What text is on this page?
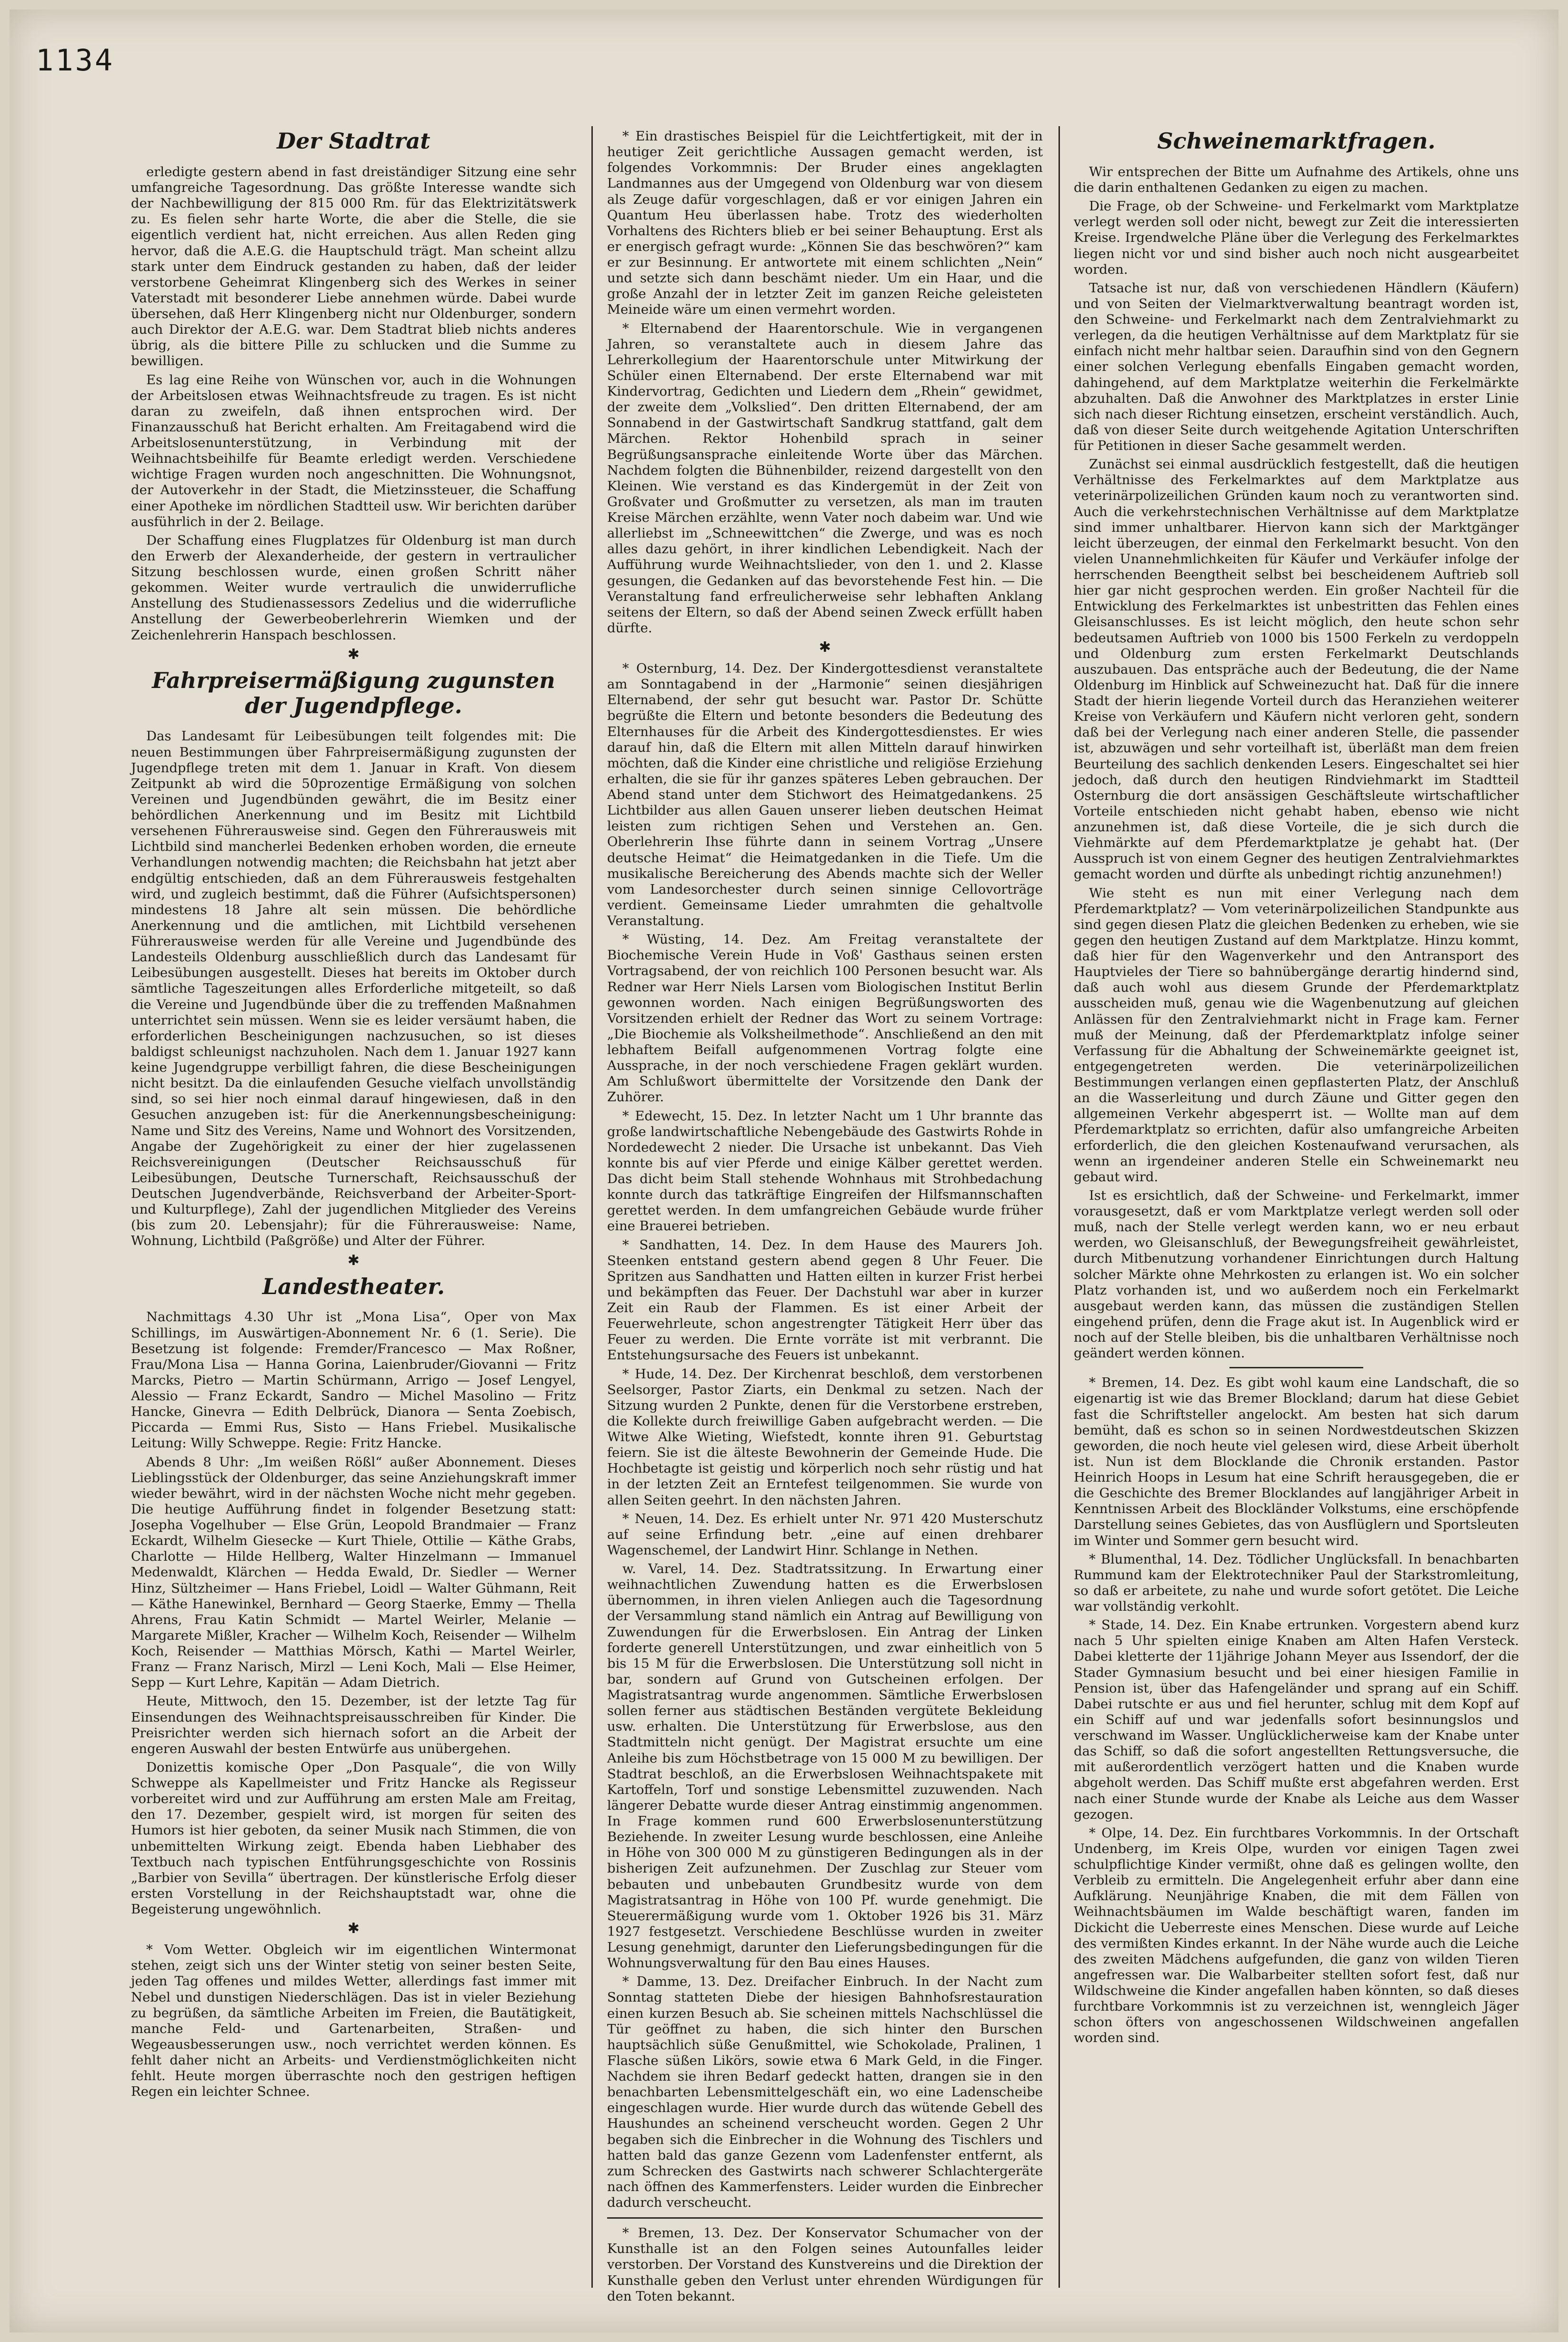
1134
Der Stadtrat

erledigte gestern abend in fast dreiständiger Sitzung eine sehr umfangreiche Tagesordnung. Das größte Interesse wandte sich der Nachbewilligung der 815 000 Rm. für das Elektrizitätswerk zu. Es fielen sehr harte Worte, die aber die Stelle, die sie eigentlich verdient hat, nicht erreichen. Aus allen Reden ging hervor, daß die A.E.G. die Hauptschuld trägt. Man scheint allzu stark unter dem Eindruck gestanden zu haben, daß der leider verstorbene Geheimrat Klingenberg sich des Werkes in seiner Vaterstadt mit besonderer Liebe annehmen würde. Dabei wurde übersehen, daß Herr Klingenberg nicht nur Oldenburger, sondern auch Direktor der A.E.G. war. Dem Stadtrat blieb nichts anderes übrig, als die bittere Pille zu schlucken und die Summe zu bewilligen.

Es lag eine Reihe von Wünschen vor, auch in die Wohnungen der Arbeitslosen etwas Weihnachtsfreude zu tragen. Es ist nicht daran zu zweifeln, daß ihnen entsprochen wird. Der Finanzausschuß hat Bericht erhalten. Am Freitagabend wird die Arbeitslosenunterstützung, in Verbindung mit der Weihnachtsbeihilfe für Beamte erledigt werden. Verschiedene wichtige Fragen wurden noch angeschnitten. Die Wohnungsnot, der Autoverkehr in der Stadt, die Mietzinssteuer, die Schaffung einer Apotheke im nördlichen Stadtteil usw. Wir berichten darüber ausführlich in der 2. Beilage.

Der Schaffung eines Flugplatzes für Oldenburg ist man durch den Erwerb der Alexanderheide, der gestern in vertraulicher Sitzung beschlossen wurde, einen großen Schritt näher gekommen. Weiter wurde vertraulich die unwiderrufliche Anstellung des Studienassessors Zedelius und die widerrufliche Anstellung der Gewerbeoberlehrerin Wiemken und der Zeichenlehrerin Hanspach beschlossen.

✱
Fahrpreisermäßigung zugunsten der Jugendpflege.

Das Landesamt für Leibesübungen teilt folgendes mit: Die neuen Bestimmungen über Fahrpreisermäßigung zugunsten der Jugendpflege treten mit dem 1. Januar in Kraft. Von diesem Zeitpunkt ab wird die 50prozentige Ermäßigung von solchen Vereinen und Jugendbünden gewährt, die im Besitz einer behördlichen Anerkennung und im Besitz mit Lichtbild versehenen Führerausweise sind. Gegen den Führerausweis mit Lichtbild sind mancherlei Bedenken erhoben worden, die erneute Verhandlungen notwendig machten; die Reichsbahn hat jetzt aber endgültig entschieden, daß an dem Führerausweis festgehalten wird, und zugleich bestimmt, daß die Führer (Aufsichtspersonen) mindestens 18 Jahre alt sein müssen. Die behördliche Anerkennung und die amtlichen, mit Lichtbild versehenen Führerausweise werden für alle Vereine und Jugendbünde des Landesteils Oldenburg ausschließlich durch das Landesamt für Leibesübungen ausgestellt. Dieses hat bereits im Oktober durch sämtliche Tageszeitungen alles Erforderliche mitgeteilt, so daß die Vereine und Jugendbünde über die zu treffenden Maßnahmen unterrichtet sein müssen. Wenn sie es leider versäumt haben, die erforderlichen Bescheinigungen nachzusuchen, so ist dieses baldigst schleunigst nachzuholen. Nach dem 1. Januar 1927 kann keine Jugendgruppe verbilligt fahren, die diese Bescheinigungen nicht besitzt. Da die einlaufenden Gesuche vielfach unvollständig sind, so sei hier noch einmal darauf hingewiesen, daß in den Gesuchen anzugeben ist: für die Anerkennungsbescheinigung: Name und Sitz des Vereins, Name und Wohnort des Vorsitzenden, Angabe der Zugehörigkeit zu einer der hier zugelassenen Reichsvereinigungen (Deutscher Reichsausschuß für Leibesübungen, Deutsche Turnerschaft, Reichsausschuß der Deutschen Jugendverbände, Reichsverband der Arbeiter-Sport- und Kulturpflege), Zahl der jugendlichen Mitglieder des Vereins (bis zum 20. Lebensjahr); für die Führerausweise: Name, Wohnung, Lichtbild (Paßgröße) und Alter der Führer.

✱
Landestheater.

Nachmittags 4.30 Uhr ist „Mona Lisa“, Oper von Max Schillings, im Auswärtigen-Abonnement Nr. 6 (1. Serie). Die Besetzung ist folgende: Fremder/Francesco — Max Roßner, Frau/Mona Lisa — Hanna Gorina, Laienbruder/Giovanni — Fritz Marcks, Pietro — Martin Schürmann, Arrigo — Josef Lengyel, Alessio — Franz Eckardt, Sandro — Michel Masolino — Fritz Hancke, Ginevra — Edith Delbrück, Dianora — Senta Zoebisch, Piccarda — Emmi Rus, Sisto — Hans Friebel. Musikalische Leitung: Willy Schweppe. Regie: Fritz Hancke.

Abends 8 Uhr: „Im weißen Rößl“ außer Abonnement. Dieses Lieblingsstück der Oldenburger, das seine Anziehungskraft immer wieder bewährt, wird in der nächsten Woche nicht mehr gegeben. Die heutige Aufführung findet in folgender Besetzung statt: Josepha Vogelhuber — Else Grün, Leopold Brandmaier — Franz Eckardt, Wilhelm Giesecke — Kurt Thiele, Ottilie — Käthe Grabs, Charlotte — Hilde Hellberg, Walter Hinzelmann — Immanuel Medenwaldt, Klärchen — Hedda Ewald, Dr. Siedler — Werner Hinz, Sültzheimer — Hans Friebel, Loidl — Walter Gühmann, Reit — Käthe Hanewinkel, Bernhard — Georg Staerke, Emmy — Thella Ahrens, Frau Katin Schmidt — Martel Weirler, Melanie — Margarete Mißler, Kracher — Wilhelm Koch, Reisender — Wilhelm Koch, Reisender — Matthias Mörsch, Kathi — Martel Weirler, Franz — Franz Narisch, Mirzl — Leni Koch, Mali — Else Heimer, Sepp — Kurt Lehre, Kapitän — Adam Dietrich.

Heute, Mittwoch, den 15. Dezember, ist der letzte Tag für Einsendungen des Weihnachtspreisausschreiben für Kinder. Die Preisrichter werden sich hiernach sofort an die Arbeit der engeren Auswahl der besten Entwürfe aus unübergehen.

Donizettis komische Oper „Don Pasquale“, die von Willy Schweppe als Kapellmeister und Fritz Hancke als Regisseur vorbereitet wird und zur Aufführung am ersten Male am Freitag, den 17. Dezember, gespielt wird, ist morgen für seiten des Humors ist hier geboten, da seiner Musik nach Stimmen, die von unbemittelten Wirkung zeigt. Ebenda haben Liebhaber des Textbuch nach typischen Entführungsgeschichte von Rossinis „Barbier von Sevilla“ übertragen. Der künstlerische Erfolg dieser ersten Vorstellung in der Reichshauptstadt war, ohne die Begeisterung ungewöhnlich.

✱

* Vom Wetter. Obgleich wir im eigentlichen Wintermonat stehen, zeigt sich uns der Winter stetig von seiner besten Seite, jeden Tag offenes und mildes Wetter, allerdings fast immer mit Nebel und dunstigen Niederschlägen. Das ist in vieler Beziehung zu begrüßen, da sämtliche Arbeiten im Freien, die Bautätigkeit, manche Feld- und Gartenarbeiten, Straßen- und Wegeausbesserungen usw., noch verrichtet werden können. Es fehlt daher nicht an Arbeits- und Verdienstmöglichkeiten nicht fehlt. Heute morgen überraschte noch den gestrigen heftigen Regen ein leichter Schnee.

* Ein drastisches Beispiel für die Leichtfertigkeit, mit der in heutiger Zeit gerichtliche Aussagen gemacht werden, ist folgendes Vorkommnis: Der Bruder eines angeklagten Landmannes aus der Umgegend von Oldenburg war von diesem als Zeuge dafür vorgeschlagen, daß er vor einigen Jahren ein Quantum Heu überlassen habe. Trotz des wiederholten Vorhaltens des Richters blieb er bei seiner Behauptung. Erst als er energisch gefragt wurde: „Können Sie das beschwören?“ kam er zur Besinnung. Er antwortete mit einem schlichten „Nein“ und setzte sich dann beschämt nieder. Um ein Haar, und die große Anzahl der in letzter Zeit im ganzen Reiche geleisteten Meineide wäre um einen vermehrt worden.

* Elternabend der Haarentorschule. Wie in vergangenen Jahren, so veranstaltete auch in diesem Jahre das Lehrerkollegium der Haarentorschule unter Mitwirkung der Schüler einen Elternabend. Der erste Elternabend war mit Kindervortrag, Gedichten und Liedern dem „Rhein“ gewidmet, der zweite dem „Volkslied“. Den dritten Elternabend, der am Sonnabend in der Gastwirtschaft Sandkrug stattfand, galt dem Märchen. Rektor Hohenbild sprach in seiner Begrüßungsansprache einleitende Worte über das Märchen. Nachdem folgten die Bühnenbilder, reizend dargestellt von den Kleinen. Wie verstand es das Kindergemüt in der Zeit von Großvater und Großmutter zu versetzen, als man im trauten Kreise Märchen erzählte, wenn Vater noch dabeim war. Und wie allerliebst im „Schneewittchen“ die Zwerge, und was es noch alles dazu gehört, in ihrer kindlichen Lebendigkeit. Nach der Aufführung wurde Weihnachtslieder, von den 1. und 2. Klasse gesungen, die Gedanken auf das bevorstehende Fest hin. — Die Veranstaltung fand erfreulicherweise sehr lebhaften Anklang seitens der Eltern, so daß der Abend seinen Zweck erfüllt haben dürfte.

✱

* Osternburg, 14. Dez. Der Kindergottesdienst veranstaltete am Sonntagabend in der „Harmonie“ seinen diesjährigen Elternabend, der sehr gut besucht war. Pastor Dr. Schütte begrüßte die Eltern und betonte besonders die Bedeutung des Elternhauses für die Arbeit des Kindergottesdienstes. Er wies darauf hin, daß die Eltern mit allen Mitteln darauf hinwirken möchten, daß die Kinder eine christliche und religiöse Erziehung erhalten, die sie für ihr ganzes späteres Leben gebrauchen. Der Abend stand unter dem Stichwort des Heimatgedankens. 25 Lichtbilder aus allen Gauen unserer lieben deutschen Heimat leisten zum richtigen Sehen und Verstehen an. Gen. Oberlehrerin Ihse führte dann in seinem Vortrag „Unsere deutsche Heimat“ die Heimatgedanken in die Tiefe. Um die musikalische Bereicherung des Abends machte sich der Weller vom Landesorchester durch seinen sinnige Cellovorträge verdient. Gemeinsame Lieder umrahmten die gehaltvolle Veranstaltung.

* Wüsting, 14. Dez. Am Freitag veranstaltete der Biochemische Verein Hude in Voß' Gasthaus seinen ersten Vortragsabend, der von reichlich 100 Personen besucht war. Als Redner war Herr Niels Larsen vom Biologischen Institut Berlin gewonnen worden. Nach einigen Begrüßungsworten des Vorsitzenden erhielt der Redner das Wort zu seinem Vortrage: „Die Biochemie als Volksheilmethode“. Anschließend an den mit lebhaftem Beifall aufgenommenen Vortrag folgte eine Aussprache, in der noch verschiedene Fragen geklärt wurden. Am Schlußwort übermittelte der Vorsitzende den Dank der Zuhörer.

* Edewecht, 15. Dez. In letzter Nacht um 1 Uhr brannte das große landwirtschaftliche Nebengebäude des Gastwirts Rohde in Nordedewecht 2 nieder. Die Ursache ist unbekannt. Das Vieh konnte bis auf vier Pferde und einige Kälber gerettet werden. Das dicht beim Stall stehende Wohnhaus mit Strohbedachung konnte durch das tatkräftige Eingreifen der Hilfsmannschaften gerettet werden. In dem umfangreichen Gebäude wurde früher eine Brauerei betrieben.

* Sandhatten, 14. Dez. In dem Hause des Maurers Joh. Steenken entstand gestern abend gegen 8 Uhr Feuer. Die Spritzen aus Sandhatten und Hatten eilten in kurzer Frist herbei und bekämpften das Feuer. Der Dachstuhl war aber in kurzer Zeit ein Raub der Flammen. Es ist einer Arbeit der Feuerwehrleute, schon angestrengter Tätigkeit Herr über das Feuer zu werden. Die Ernte vorräte ist mit verbrannt. Die Entstehungsursache des Feuers ist unbekannt.

* Hude, 14. Dez. Der Kirchenrat beschloß, dem verstorbenen Seelsorger, Pastor Ziarts, ein Denkmal zu setzen. Nach der Sitzung wurden 2 Punkte, denen für die Verstorbene erstreben, die Kollekte durch freiwillige Gaben aufgebracht werden. — Die Witwe Alke Wieting, Wiefstedt, konnte ihren 91. Geburtstag feiern. Sie ist die älteste Bewohnerin der Gemeinde Hude. Die Hochbetagte ist geistig und körperlich noch sehr rüstig und hat in der letzten Zeit an Erntefest teilgenommen. Sie wurde von allen Seiten geehrt. In den nächsten Jahren.

* Neuen, 14. Dez. Es erhielt unter Nr. 971 420 Musterschutz auf seine Erfindung betr. „eine auf einen drehbarer Wagenschemel, der Landwirt Hinr. Schlange in Nethen.

w. Varel, 14. Dez. Stadtratssitzung. In Erwartung einer weihnachtlichen Zuwendung hatten es die Erwerbslosen übernommen, in ihren vielen Anliegen auch die Tagesordnung der Versammlung stand nämlich ein Antrag auf Bewilligung von Zuwendungen für die Erwerbslosen. Ein Antrag der Linken forderte generell Unterstützungen, und zwar einheitlich von 5 bis 15 M für die Erwerbslosen. Die Unterstützung soll nicht in bar, sondern auf Grund von Gutscheinen erfolgen. Der Magistratsantrag wurde angenommen. Sämtliche Erwerbslosen sollen ferner aus städtischen Beständen vergütete Bekleidung usw. erhalten. Die Unterstützung für Erwerbslose, aus den Stadtmitteln nicht genügt. Der Magistrat ersuchte um eine Anleihe bis zum Höchstbetrage von 15 000 M zu bewilligen. Der Stadtrat beschloß, an die Erwerbslosen Weihnachtspakete mit Kartoffeln, Torf und sonstige Lebensmittel zuzuwenden. Nach längerer Debatte wurde dieser Antrag einstimmig angenommen. In Frage kommen rund 600 Erwerbslosenunterstützung Beziehende. In zweiter Lesung wurde beschlossen, eine Anleihe in Höhe von 300 000 M zu günstigeren Bedingungen als in der bisherigen Zeit aufzunehmen. Der Zuschlag zur Steuer vom bebauten und unbebauten Grundbesitz wurde von dem Magistratsantrag in Höhe von 100 Pf. wurde genehmigt. Die Steuerermäßigung wurde vom 1. Oktober 1926 bis 31. März 1927 festgesetzt. Verschiedene Beschlüsse wurden in zweiter Lesung genehmigt, darunter den Lieferungsbedingungen für die Wohnungsverwaltung für den Bau eines Hauses.

* Damme, 13. Dez. Dreifacher Einbruch. In der Nacht zum Sonntag statteten Diebe der hiesigen Bahnhofsrestauration einen kurzen Besuch ab. Sie scheinen mittels Nachschlüssel die Tür geöffnet zu haben, die sich hinter den Burschen hauptsächlich süße Genußmittel, wie Schokolade, Pralinen, 1 Flasche süßen Likörs, sowie etwa 6 Mark Geld, in die Finger. Nachdem sie ihren Bedarf gedeckt hatten, drangen sie in den benachbarten Lebensmittelgeschäft ein, wo eine Ladenscheibe eingeschlagen wurde. Hier wurde durch das wütende Gebell des Haushundes an scheinend verscheucht worden. Gegen 2 Uhr begaben sich die Einbrecher in die Wohnung des Tischlers und hatten bald das ganze Gezenn vom Ladenfenster entfernt, als zum Schrecken des Gastwirts nach schwerer Schlachtergeräte nach öffnen des Kammerfensters. Leider wurden die Einbrecher dadurch verscheucht.

* Bremen, 13. Dez. Der Konservator Schumacher von der Kunsthalle ist an den Folgen seines Autounfalles leider verstorben. Der Vorstand des Kunstvereins und die Direktion der Kunsthalle geben den Verlust unter ehrenden Würdigungen für den Toten bekannt.

Schweinemarktfragen.

Wir entsprechen der Bitte um Aufnahme des Artikels, ohne uns die darin enthaltenen Gedanken zu eigen zu machen.

Die Frage, ob der Schweine- und Ferkelmarkt vom Marktplatze verlegt werden soll oder nicht, bewegt zur Zeit die interessierten Kreise. Irgendwelche Pläne über die Verlegung des Ferkelmarktes liegen nicht vor und sind bisher auch noch nicht ausgearbeitet worden.

Tatsache ist nur, daß von verschiedenen Händlern (Käufern) und von Seiten der Vielmarktverwaltung beantragt worden ist, den Schweine- und Ferkelmarkt nach dem Zentralviehmarkt zu verlegen, da die heutigen Verhältnisse auf dem Marktplatz für sie einfach nicht mehr haltbar seien. Daraufhin sind von den Gegnern einer solchen Verlegung ebenfalls Eingaben gemacht worden, dahingehend, auf dem Marktplatze weiterhin die Ferkelmärkte abzuhalten. Daß die Anwohner des Marktplatzes in erster Linie sich nach dieser Richtung einsetzen, erscheint verständlich. Auch, daß von dieser Seite durch weitgehende Agitation Unterschriften für Petitionen in dieser Sache gesammelt werden.

Zunächst sei einmal ausdrücklich festgestellt, daß die heutigen Verhältnisse des Ferkelmarktes auf dem Marktplatze aus veterinärpolizeilichen Gründen kaum noch zu verantworten sind. Auch die verkehrstechnischen Verhältnisse auf dem Marktplatze sind immer unhaltbarer. Hiervon kann sich der Marktgänger leicht überzeugen, der einmal den Ferkelmarkt besucht. Von den vielen Unannehmlichkeiten für Käufer und Verkäufer infolge der herrschenden Beengtheit selbst bei bescheidenem Auftrieb soll hier gar nicht gesprochen werden. Ein großer Nachteil für die Entwicklung des Ferkelmarktes ist unbestritten das Fehlen eines Gleisanschlusses. Es ist leicht möglich, den heute schon sehr bedeutsamen Auftrieb von 1000 bis 1500 Ferkeln zu verdoppeln und Oldenburg zum ersten Ferkelmarkt Deutschlands auszubauen. Das entspräche auch der Bedeutung, die der Name Oldenburg im Hinblick auf Schweinezucht hat. Daß für die innere Stadt der hierin liegende Vorteil durch das Heranziehen weiterer Kreise von Verkäufern und Käufern nicht verloren geht, sondern daß bei der Verlegung nach einer anderen Stelle, die passender ist, abzuwägen und sehr vorteilhaft ist, überläßt man dem freien Beurteilung des sachlich denkenden Lesers. Eingeschaltet sei hier jedoch, daß durch den heutigen Rindviehmarkt im Stadtteil Osternburg die dort ansässigen Geschäftsleute wirtschaftlicher Vorteile entschieden nicht gehabt haben, ebenso wie nicht anzunehmen ist, daß diese Vorteile, die je sich durch die Viehmärkte auf dem Pferdemarktplatze je gehabt hat. (Der Ausspruch ist von einem Gegner des heutigen Zentralviehmarktes gemacht worden und dürfte als unbedingt richtig anzunehmen!)

Wie steht es nun mit einer Verlegung nach dem Pferdemarktplatz? — Vom veterinärpolizeilichen Standpunkte aus sind gegen diesen Platz die gleichen Bedenken zu erheben, wie sie gegen den heutigen Zustand auf dem Marktplatze. Hinzu kommt, daß hier für den Wagenverkehr und den Antransport des Hauptvieles der Tiere so bahnübergänge derartig hindernd sind, daß auch wohl aus diesem Grunde der Pferdemarktplatz ausscheiden muß, genau wie die Wagenbenutzung auf gleichen Anlässen für den Zentralviehmarkt nicht in Frage kam. Ferner muß der Meinung, daß der Pferdemarktplatz infolge seiner Verfassung für die Abhaltung der Schweinemärkte geeignet ist, entgegengetreten werden. Die veterinärpolizeilichen Bestimmungen verlangen einen gepflasterten Platz, der Anschluß an die Wasserleitung und durch Zäune und Gitter gegen den allgemeinen Verkehr abgesperrt ist. — Wollte man auf dem Pferdemarktplatz so errichten, dafür also umfangreiche Arbeiten erforderlich, die den gleichen Kostenaufwand verursachen, als wenn an irgendeiner anderen Stelle ein Schweinemarkt neu gebaut wird.

Ist es ersichtlich, daß der Schweine- und Ferkelmarkt, immer vorausgesetzt, daß er vom Marktplatze verlegt werden soll oder muß, nach der Stelle verlegt werden kann, wo er neu erbaut werden, wo Gleisanschluß, der Bewegungsfreiheit gewährleistet, durch Mitbenutzung vorhandener Einrichtungen durch Haltung solcher Märkte ohne Mehrkosten zu erlangen ist. Wo ein solcher Platz vorhanden ist, und wo außerdem noch ein Ferkelmarkt ausgebaut werden kann, das müssen die zuständigen Stellen eingehend prüfen, denn die Frage akut ist. In Augenblick wird er noch auf der Stelle bleiben, bis die unhaltbaren Verhältnisse noch geändert werden können.

* Bremen, 14. Dez. Es gibt wohl kaum eine Landschaft, die so eigenartig ist wie das Bremer Blockland; darum hat diese Gebiet fast die Schriftsteller angelockt. Am besten hat sich darum bemüht, daß es schon so in seinen Nordwestdeutschen Skizzen geworden, die noch heute viel gelesen wird, diese Arbeit überholt ist. Nun ist dem Blocklande die Chronik erstanden. Pastor Heinrich Hoops in Lesum hat eine Schrift herausgegeben, die er die Geschichte des Bremer Blocklandes auf langjähriger Arbeit in Kenntnissen Arbeit des Blockländer Volkstums, eine erschöpfende Darstellung seines Gebietes, das von Ausflüglern und Sportsleuten im Winter und Sommer gern besucht wird.

* Blumenthal, 14. Dez. Tödlicher Unglücksfall. In benachbarten Rummund kam der Elektrotechniker Paul der Starkstromleitung, so daß er arbeitete, zu nahe und wurde sofort getötet. Die Leiche war vollständig verkohlt.

* Stade, 14. Dez. Ein Knabe ertrunken. Vorgestern abend kurz nach 5 Uhr spielten einige Knaben am Alten Hafen Versteck. Dabei kletterte der 11jährige Johann Meyer aus Issendorf, der die Stader Gymnasium besucht und bei einer hiesigen Familie in Pension ist, über das Hafengeländer und sprang auf ein Schiff. Dabei rutschte er aus und fiel herunter, schlug mit dem Kopf auf ein Schiff auf und war jedenfalls sofort besinnungslos und verschwand im Wasser. Unglücklicherweise kam der Knabe unter das Schiff, so daß die sofort angestellten Rettungsversuche, die mit außerordentlich verzögert hatten und die Knaben wurde abgeholt werden. Das Schiff mußte erst abgefahren werden. Erst nach einer Stunde wurde der Knabe als Leiche aus dem Wasser gezogen.

* Olpe, 14. Dez. Ein furchtbares Vorkommnis. In der Ortschaft Undenberg, im Kreis Olpe, wurden vor einigen Tagen zwei schulpflichtige Kinder vermißt, ohne daß es gelingen wollte, den Verbleib zu ermitteln. Die Angelegenheit erfuhr aber dann eine Aufklärung. Neunjährige Knaben, die mit dem Fällen von Weihnachtsbäumen im Walde beschäftigt waren, fanden im Dickicht die Ueberreste eines Menschen. Diese wurde auf Leiche des vermißten Kindes erkannt. In der Nähe wurde auch die Leiche des zweiten Mädchens aufgefunden, die ganz von wilden Tieren angefressen war. Die Walbarbeiter stellten sofort fest, daß nur Wildschweine die Kinder angefallen haben könnten, so daß dieses furchtbare Vorkommnis ist zu verzeichnen ist, wenngleich Jäger schon öfters von angeschossenen Wildschweinen angefallen worden sind.
